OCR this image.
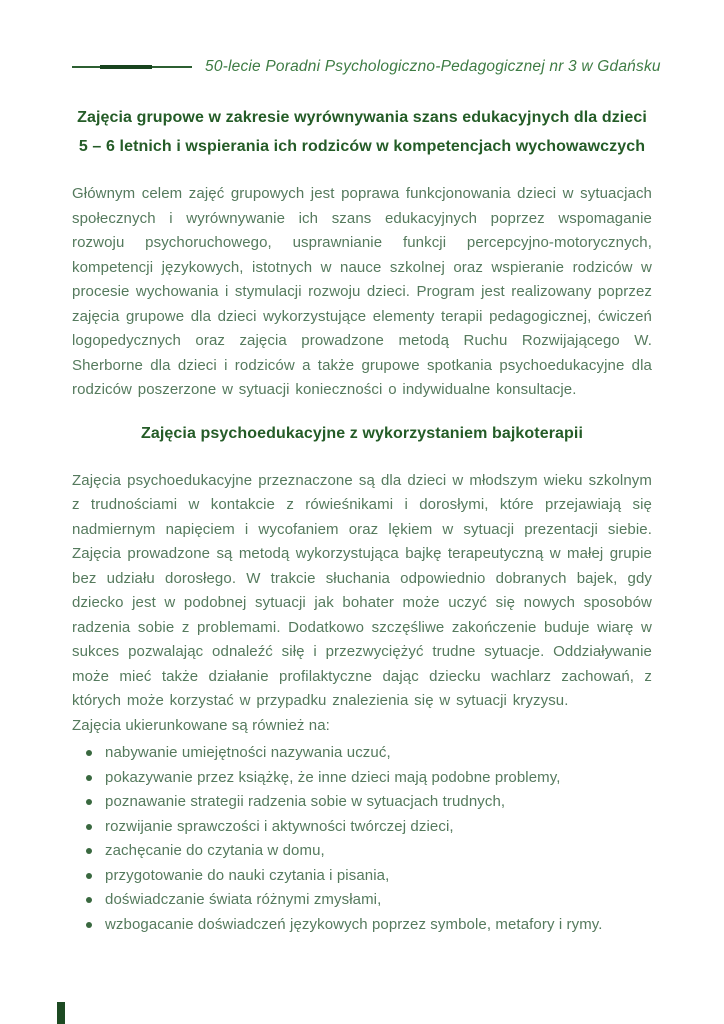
50-lecie Poradni Psychologiczno-Pedagogicznej nr 3 w Gdańsku
Zajęcia grupowe w zakresie wyrównywania szans edukacyjnych dla dzieci
5 – 6 letnich i wspierania ich rodziców w kompetencjach wychowawczych

Głównym celem zajęć grupowych jest poprawa funkcjonowania dzieci w sytuacjach społecznych i wyrównywanie ich szans edukacyjnych poprzez wspomaganie rozwoju psychoruchowego, usprawnianie funkcji percepcyjno-motorycznych, kompetencji językowych, istotnych w nauce szkolnej oraz wspieranie rodziców w procesie wychowania i stymulacji rozwoju dzieci. Program jest realizowany poprzez zajęcia grupowe dla dzieci wykorzystujące elementy terapii pedagogicznej, ćwiczeń logopedycznych oraz zajęcia prowadzone metodą Ruchu Rozwijającego W. Sherborne dla dzieci i rodziców a także grupowe spotkania psychoedukacyjne dla rodziców poszerzone w sytuacji konieczności o indywidualne konsultacje.

Zajęcia psychoedukacyjne z wykorzystaniem bajkoterapii

Zajęcia psychoedukacyjne przeznaczone są dla dzieci w młodszym wieku szkolnym z trudnościami w kontakcie z rówieśnikami i dorosłymi, które przejawiają się nadmiernym napięciem i wycofaniem oraz lękiem w sytuacji prezentacji siebie. Zajęcia prowadzone są metodą wykorzystująca bajkę terapeutyczną w małej grupie bez udziału dorosłego. W trakcie słuchania odpowiednio dobranych bajek, gdy dziecko jest w podobnej sytuacji jak bohater może uczyć się nowych sposobów radzenia sobie z problemami. Dodatkowo szczęśliwe zakończenie buduje wiarę w sukces pozwalając odnaleźć siłę i przezwyciężyć trudne sytuacje. Oddziaływanie może mieć także działanie profilaktyczne dając dziecku wachlarz zachowań, z których może korzystać w przypadku znalezienia się w sytuacji kryzysu.

Zajęcia ukierunkowane są również na:
nabywanie umiejętności nazywania uczuć,
pokazywanie przez książkę, że inne dzieci mają podobne problemy,
poznawanie strategii radzenia sobie w sytuacjach trudnych,
rozwijanie sprawczości i aktywności twórczej dzieci,
zachęcanie do czytania w domu,
przygotowanie do nauki czytania i pisania,
doświadczanie świata różnymi zmysłami,
wzbogacanie doświadczeń językowych poprzez symbole, metafory i rymy.
